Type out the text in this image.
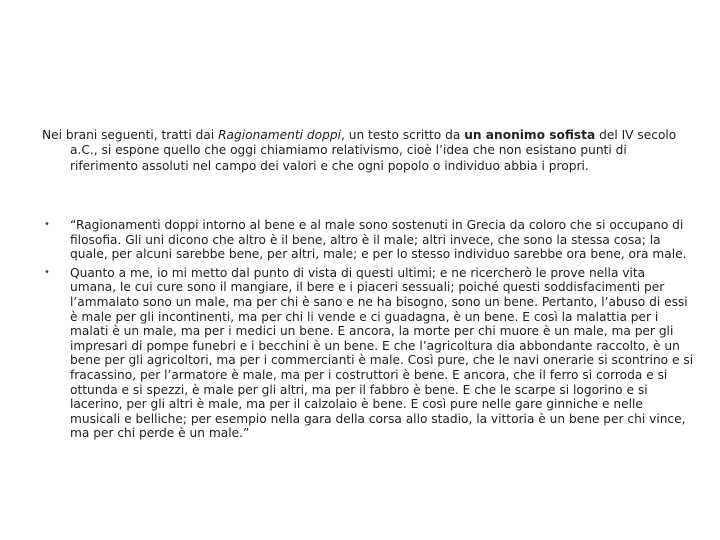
Nei brani seguenti, tratti dai Ragionamenti doppi, un testo scritto da un anonimo sofista del IV secolo a.C., si espone quello che oggi chiamiamo relativismo, cioè l’idea che non esistano punti di riferimento assoluti nel campo dei valori e che ogni popolo o individuo abbia i propri.

•	“Ragionamenti doppi intorno al bene e al male sono sostenuti in Grecia da coloro che si occupano di filosofia. Gli uni dicono che altro è il bene, altro è il male; altri invece, che sono la stessa cosa; la quale, per alcuni sarebbe bene, per altri, male; e per lo stesso individuo sarebbe ora bene, ora male.
•	Quanto a me, io mi metto dal punto di vista di questi ultimi; e ne ricercherò le prove nella vita umana, le cui cure sono il mangiare, il bere e i piaceri sessuali; poiché questi soddisfacimenti per l’ammalato sono un male, ma per chi è sano e ne ha bisogno, sono un bene. Pertanto, l’abuso di essi è male per gli incontinenti, ma per chi li vende e ci guadagna, è un bene. E così la malattia per i malati è un male, ma per i medici un bene. E ancora, la morte per chi muore è un male, ma per gli impresari di pompe funebri e i becchini è un bene. E che l’agricoltura dia abbondante raccolto, è un bene per gli agricoltori, ma per i commercianti è male. Così pure, che le navi onerarie si scontrino e si fracassino, per l’armatore è male, ma per i costruttori è bene. E ancora, che il ferro si corroda e si ottunda e si spezzi, è male per gli altri, ma per il fabbro è bene. E che le scarpe si logorino e si lacerino, per gli altri è male, ma per il calzolaio è bene. E così pure nelle gare ginniche e nelle musicali e belliche; per esempio nella gara della corsa allo stadio, la vittoria è un bene per chi vince, ma per chi perde è un male.”
